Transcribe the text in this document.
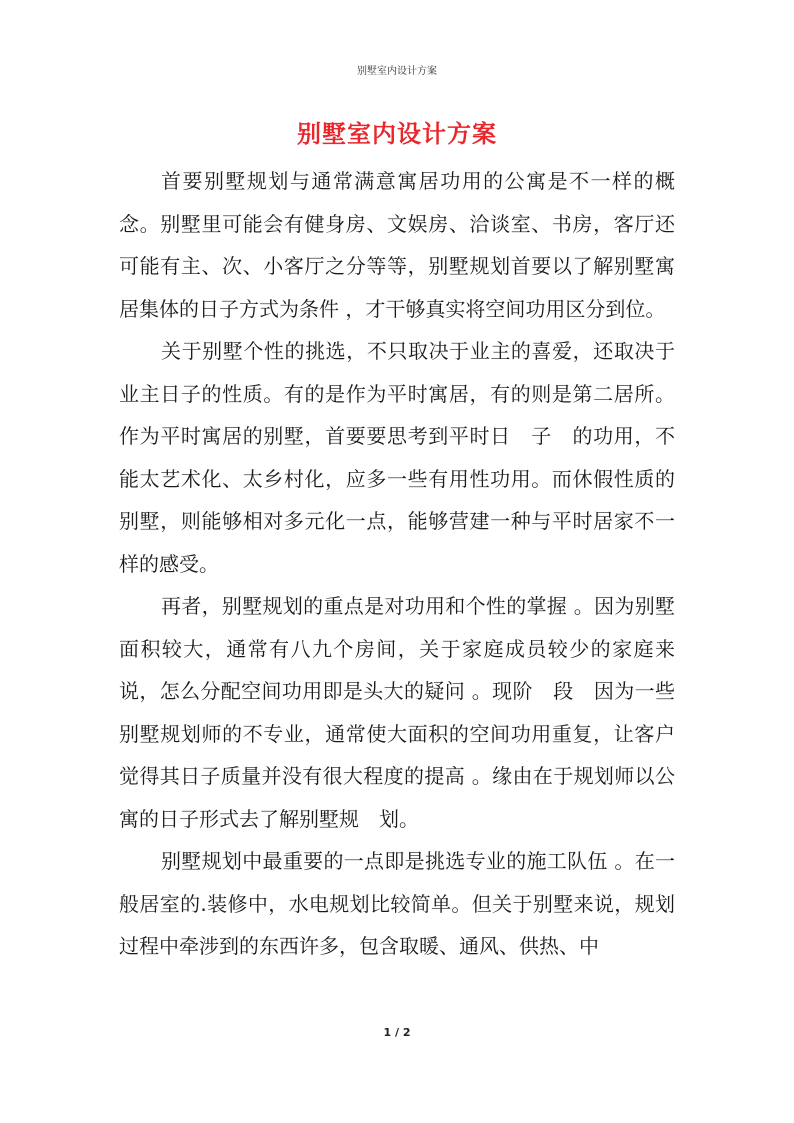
别墅室内设计方案
别墅室内设计方案

首要别墅规划与通常满意寓居功用的公寓是不一样的概念。别墅里可能会有健身房、文娱房、洽谈室、书房，客厅还可能有主、次、小客厅之分等等，别墅规划首要以了解别墅寓居集体的日子方式为条件 ，才干够真实将空间功用区分到位。

关于别墅个性的挑选，不只取决于业主的喜爱，还取决于业主日子的性质。有的是作为平时寓居，有的则是第二居所。作为平时寓居的别墅，首要要思考到平时日　子　的功用，不能太艺术化、太乡村化，应多一些有用性功用。而休假性质的别墅，则能够相对多元化一点，能够营建一种与平时居家不一样的感受。

再者，别墅规划的重点是对功用和个性的掌握 。因为别墅面积较大，通常有八九个房间，关于家庭成员较少的家庭来说，怎么分配空间功用即是头大的疑问 。现阶　段　因为一些别墅规划师的不专业，通常使大面积的空间功用重复，让客户觉得其日子质量并没有很大程度的提高 。缘由在于规划师以公寓的日子形式去了解别墅规　划。

别墅规划中最重要的一点即是挑选专业的施工队伍 。在一般居室的.装修中，水电规划比较简单。但关于别墅来说，规划过程中牵涉到的东西许多，包含取暖、通风、供热、中

1 / 2
